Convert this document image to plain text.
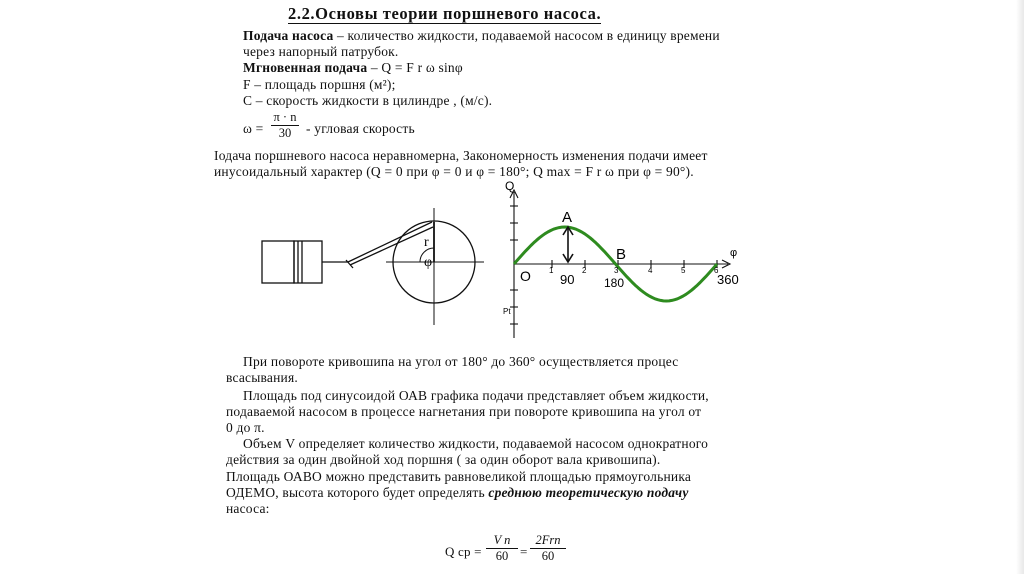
2.2.Основы теории поршневого насоса.
Подача насоса – количество жидкости, подаваемой насосом в единицу времени
через напорный патрубок.
Мгновенная подача – Q = F r ω sinφ
F – площадь поршня (м²);
C – скорость жидкости в цилиндре , (м/с).
$\omega = \frac{\pi \cdot n}{30}$ - угловая скорость
Iодача поршневого насоса неравномерна, Закономерность изменения подачи имеет
инусоидальный характер (Q = 0 при φ = 0 и φ = 180°; Q max = F r ω при φ = 90°).
r
φ
Q
φ
O
A
B
1	2	3	4	5	6
90 180	360
Pt
При повороте кривошипа на угол от 180° до 360° осуществляется процес
всасывания.
Площадь под синусоидой ОАВ графика подачи представляет объем жидкости,
подаваемой насосом в процессе нагнетания при повороте кривошипа на угол от
0 до π.
Объем V определяет количество жидкости, подаваемой насосом однократного
действия за один двойной ход поршня ( за один оборот вала кривошипа).
Площадь ОАВО можно представить равновеликой площадью прямоугольника
ОДЕМО, высота которого будет определять среднюю теоретическую подачу
насоса:
Q ср = $\frac{\text{V n}}{60}$ =
2Frn
60
